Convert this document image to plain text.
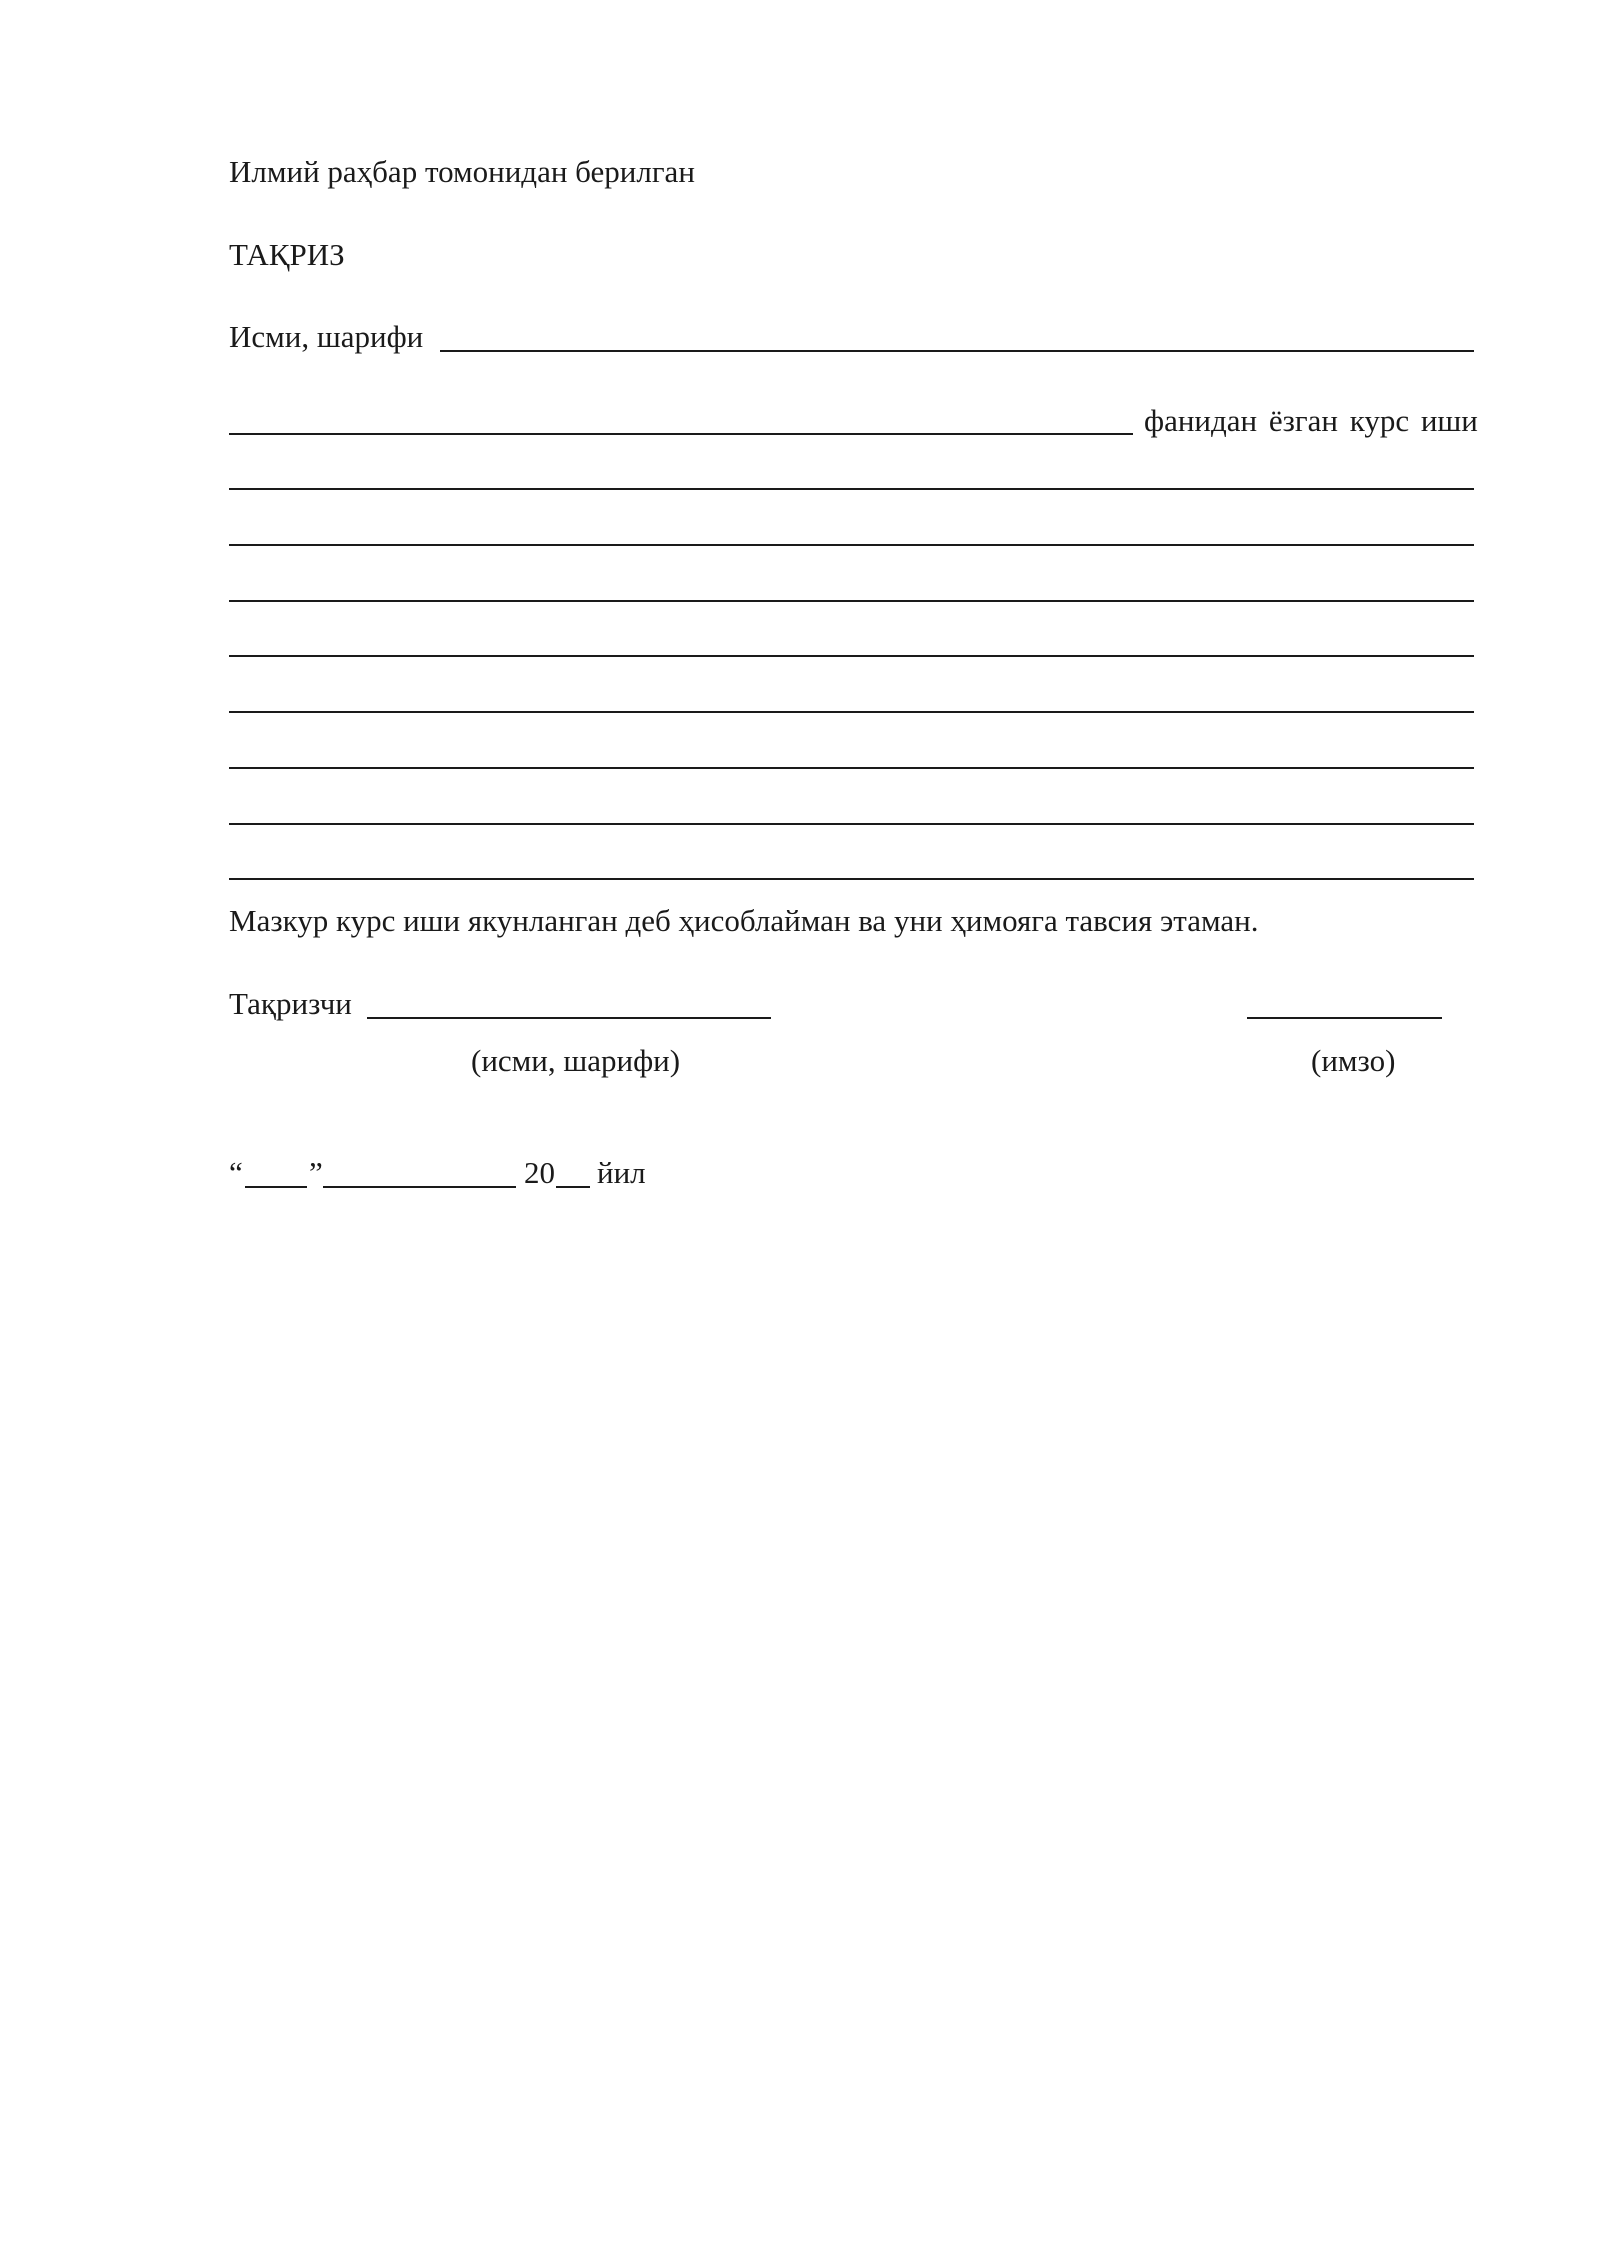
Илмий раҳбар томонидан берилган
ТАҚРИЗ
Исми, шарифи
фанидан ёзган курс иши
Мазкур курс иши якунланган деб ҳисоблайман ва уни ҳимояга тавсия этаман.
Тақризчи
(исми, шарифи)	(имзо)
“ ”	20 йил
